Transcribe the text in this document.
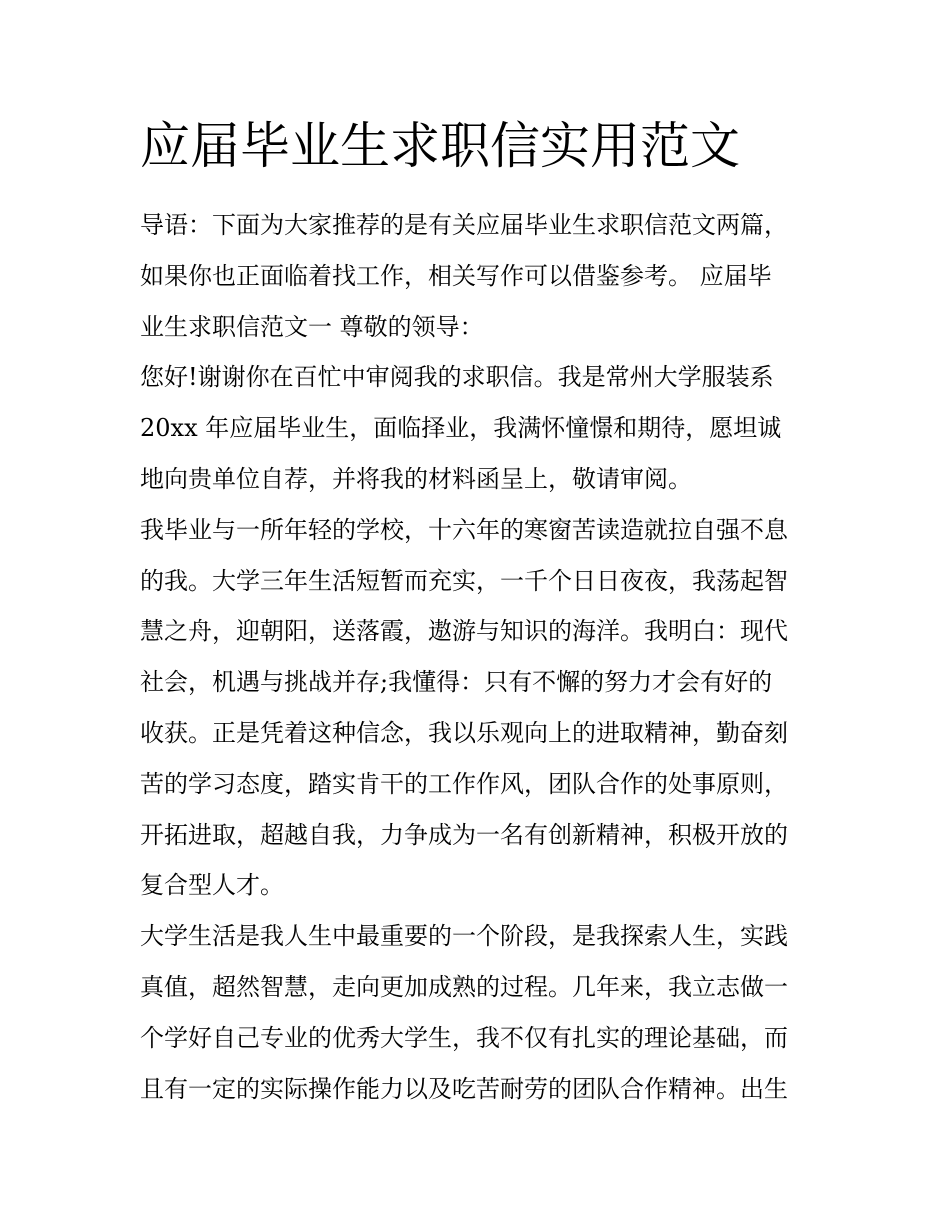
应届毕业生求职信实用范文
导语：下面为大家推荐的是有关应届毕业生求职信范文两篇，
如果你也正面临着找工作，相关写作可以借鉴参考。 应届毕
业生求职信范文一 尊敬的领导：
您好!谢谢你在百忙中审阅我的求职信。我是常州大学服装系
20xx 年应届毕业生，面临择业，我满怀憧憬和期待，愿坦诚
地向贵单位自荐，并将我的材料函呈上，敬请审阅。
我毕业与一所年轻的学校，十六年的寒窗苦读造就拉自强不息
的我。大学三年生活短暂而充实，一千个日日夜夜，我荡起智
慧之舟，迎朝阳，送落霞，遨游与知识的海洋。我明白：现代
社会，机遇与挑战并存;我懂得：只有不懈的努力才会有好的
收获。正是凭着这种信念，我以乐观向上的进取精神，勤奋刻
苦的学习态度，踏实肯干的工作作风，团队合作的处事原则，
开拓进取，超越自我，力争成为一名有创新精神，积极开放的
复合型人才。
大学生活是我人生中最重要的一个阶段，是我探索人生，实践
真值，超然智慧，走向更加成熟的过程。几年来，我立志做一
个学好自己专业的优秀大学生，我不仅有扎实的理论基础，而
且有一定的实际操作能力以及吃苦耐劳的团队合作精神。出生
